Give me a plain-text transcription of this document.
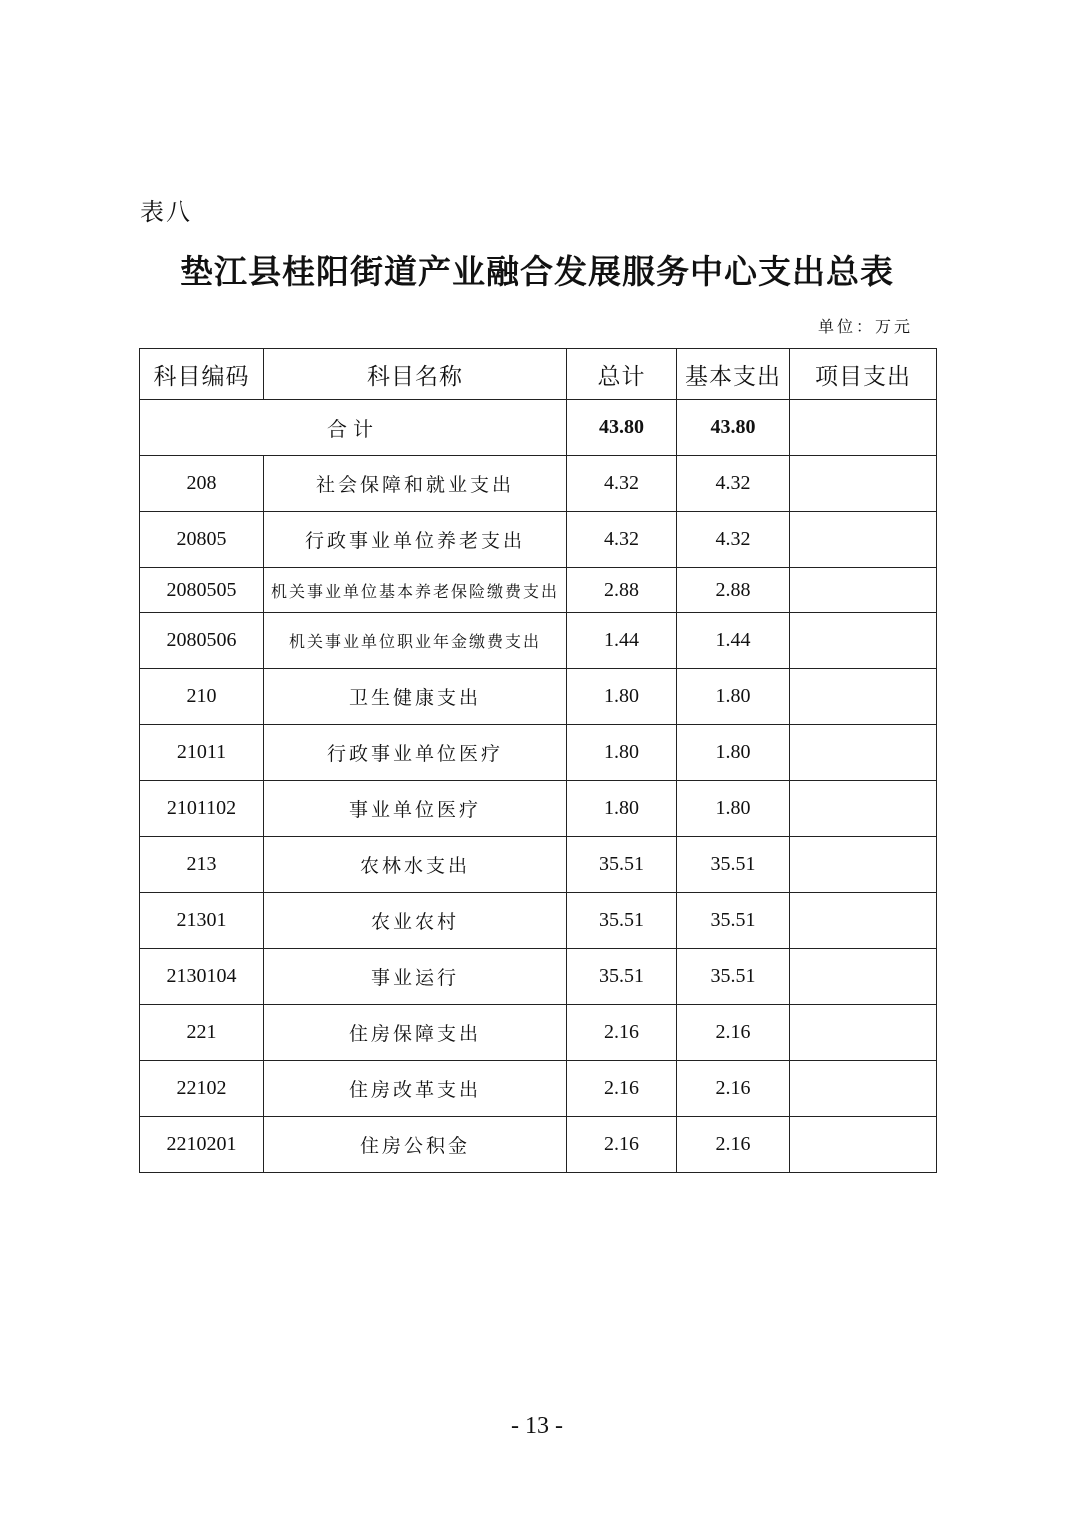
表八
垫江县桂阳街道产业融合发展服务中心支出总表
单位：万元
科目编码	科目名称	总计	基本支出	项目支出
合计		43.80	43.80	
208	社会保障和就业支出	4.32	4.32	
20805	行政事业单位养老支出	4.32	4.32	
2080505	机关事业单位基本养老保险缴费支出	2.88	2.88	
2080506	机关事业单位职业年金缴费支出	1.44	1.44	
210	卫生健康支出	1.80	1.80	
21011	行政事业单位医疗	1.80	1.80	
2101102	事业单位医疗	1.80	1.80	
213	农林水支出	35.51	35.51	
21301	农业农村	35.51	35.51	
2130104	事业运行	35.51	35.51	
221	住房保障支出	2.16	2.16	
22102	住房改革支出	2.16	2.16	
2210201	住房公积金	2.16	2.16	
- 13 -
